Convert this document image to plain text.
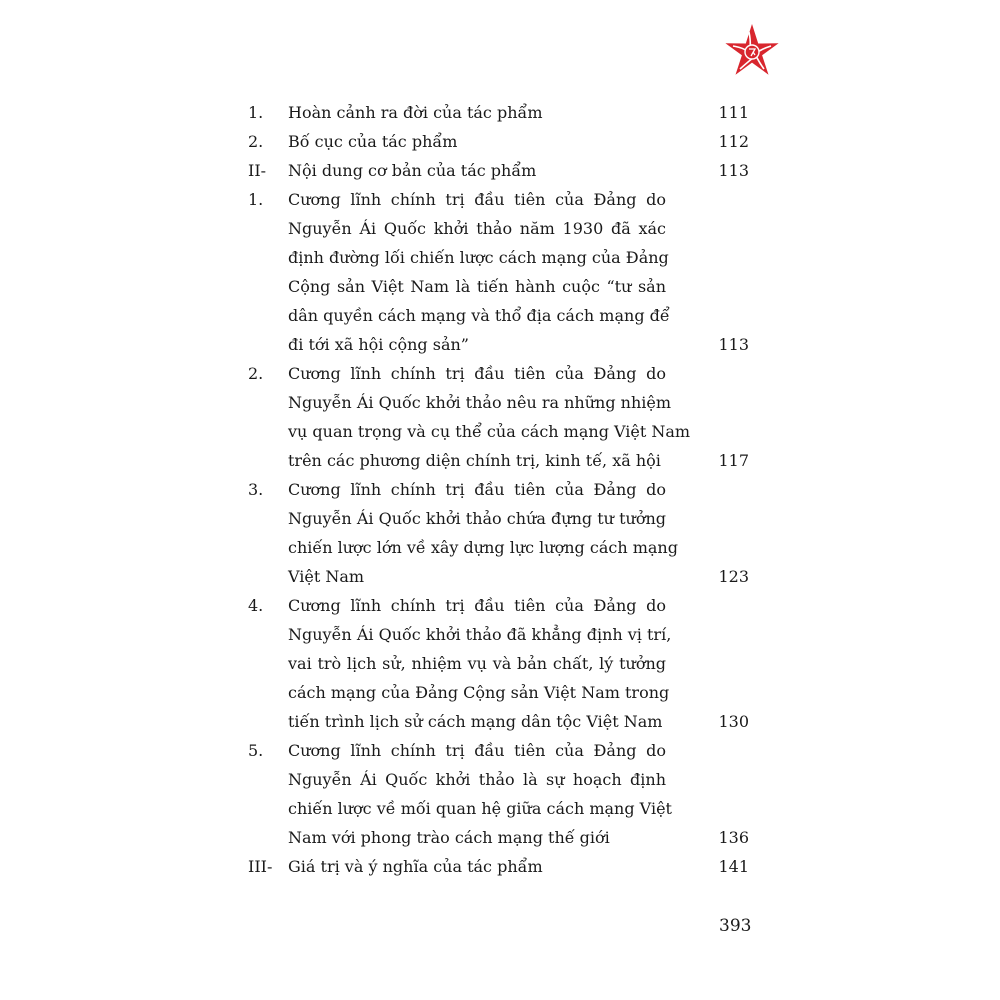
1.	Hoàn cảnh ra đời của tác phẩm	111
2.	Bố cục của tác phẩm	112
II-	Nội dung cơ bản của tác phẩm	113
1.	Cương lĩnh chính trị đầu tiên của Đảng do
Nguyễn Ái Quốc khởi thảo năm 1930 đã xác
định đường lối chiến lược cách mạng của Đảng
Cộng sản Việt Nam là tiến hành cuộc “tư sản
dân quyền cách mạng và thổ địa cách mạng để
đi tới xã hội cộng sản”	113
2.	Cương lĩnh chính trị đầu tiên của Đảng do
Nguyễn Ái Quốc khởi thảo nêu ra những nhiệm
vụ quan trọng và cụ thể của cách mạng Việt Nam
trên các phương diện chính trị, kinh tế, xã hội	117
3.	Cương lĩnh chính trị đầu tiên của Đảng do
Nguyễn Ái Quốc khởi thảo chứa đựng tư tưởng
chiến lược lớn về xây dựng lực lượng cách mạng
Việt Nam	123
4.	Cương lĩnh chính trị đầu tiên của Đảng do
Nguyễn Ái Quốc khởi thảo đã khẳng định vị trí,
vai trò lịch sử, nhiệm vụ và bản chất, lý tưởng
cách mạng của Đảng Cộng sản Việt Nam trong
tiến trình lịch sử cách mạng dân tộc Việt Nam	130
5.	Cương lĩnh chính trị đầu tiên của Đảng do
Nguyễn Ái Quốc khởi thảo là sự hoạch định
chiến lược về mối quan hệ giữa cách mạng Việt
Nam với phong trào cách mạng thế giới	136
III- Giá trị và ý nghĩa của tác phẩm	141
393
